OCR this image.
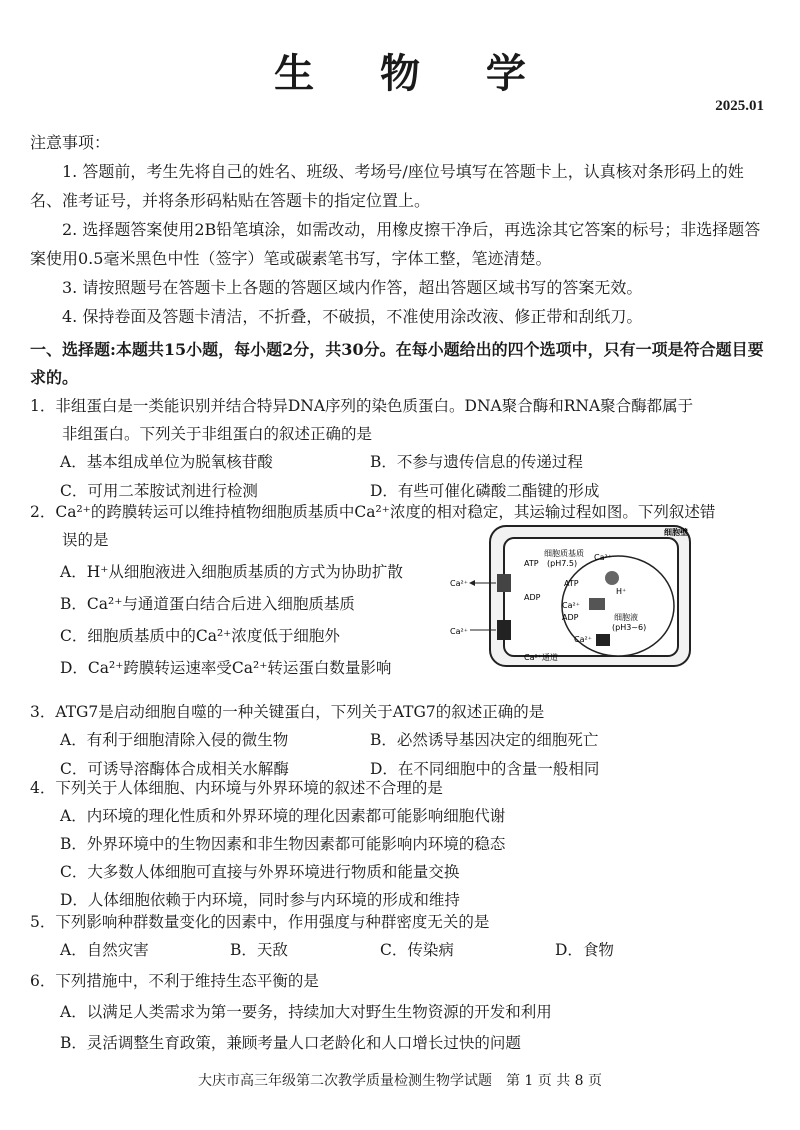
生 物 学
2025.01
注意事项：

1. 答题前，考生先将自己的姓名、班级、考场号/座位号填写在答题卡上，认真核对条形码上的姓名、准考证号，并将条形码粘贴在答题卡的指定位置上。

2. 选择题答案使用2B铅笔填涂，如需改动，用橡皮擦干净后，再选涂其它答案的标号；非选择题答案使用0.5毫米黑色中性（签字）笔或碳素笔书写，字体工整，笔迹清楚。

3. 请按照题号在答题卡上各题的答题区域内作答，超出答题区域书写的答案无效。

4. 保持卷面及答题卡清洁，不折叠，不破损，不准使用涂改液、修正带和刮纸刀。

一、选择题:本题共15小题，每小题2分，共30分。在每小题给出的四个选项中，只有一项是符合题目要求的。

1．非组蛋白是一类能识别并结合特异DNA序列的染色质蛋白。DNA聚合酶和RNA聚合酶都属于

非组蛋白。下列关于非组蛋白的叙述正确的是

A．基本组成单位为脱氧核苷酸	B．不参与遗传信息的传递过程
C．可用二苯胺试剂进行检测	D．有些可催化磷酸二酯键的形成

2．Ca²⁺的跨膜转运可以维持植物细胞质基质中Ca²⁺浓度的相对稳定，其运输过程如图。下列叙述错

误的是

A．H⁺从细胞液进入细胞质基质的方式为协助扩散
B．Ca²⁺与通道蛋白结合后进入细胞质基质
C．细胞质基质中的Ca²⁺浓度低于细胞外
D．Ca²⁺跨膜转运速率受Ca²⁺转运蛋白数量影响
细胞壁
细胞质基质
(pH7.5)
细胞液
(pH3~6)
Ca²⁺
ATP
ADP
Ca²⁺
ATP
Ca²⁺
ADP
Ca²⁺
H⁺
Ca²⁺
Ca²⁺通道

3．ATG7是启动细胞自噬的一种关键蛋白，下列关于ATG7的叙述正确的是

A．有利于细胞清除入侵的微生物	B．必然诱导基因决定的细胞死亡
C．可诱导溶酶体合成相关水解酶	D．在不同细胞中的含量一般相同

4．下列关于人体细胞、内环境与外界环境的叙述不合理的是

A．内环境的理化性质和外界环境的理化因素都可能影响细胞代谢
B．外界环境中的生物因素和非生物因素都可能影响内环境的稳态
C．大多数人体细胞可直接与外界环境进行物质和能量交换
D．人体细胞依赖于内环境，同时参与内环境的形成和维持

5．下列影响种群数量变化的因素中，作用强度与种群密度无关的是

A．自然灾害	B．天敌	C．传染病	D．食物

6．下列措施中，不利于维持生态平衡的是

A．以满足人类需求为第一要务，持续加大对野生生物资源的开发和利用
B．灵活调整生育政策，兼顾考量人口老龄化和人口增长过快的问题
大庆市高三年级第二次教学质量检测生物学试题　第 1 页 共 8 页
